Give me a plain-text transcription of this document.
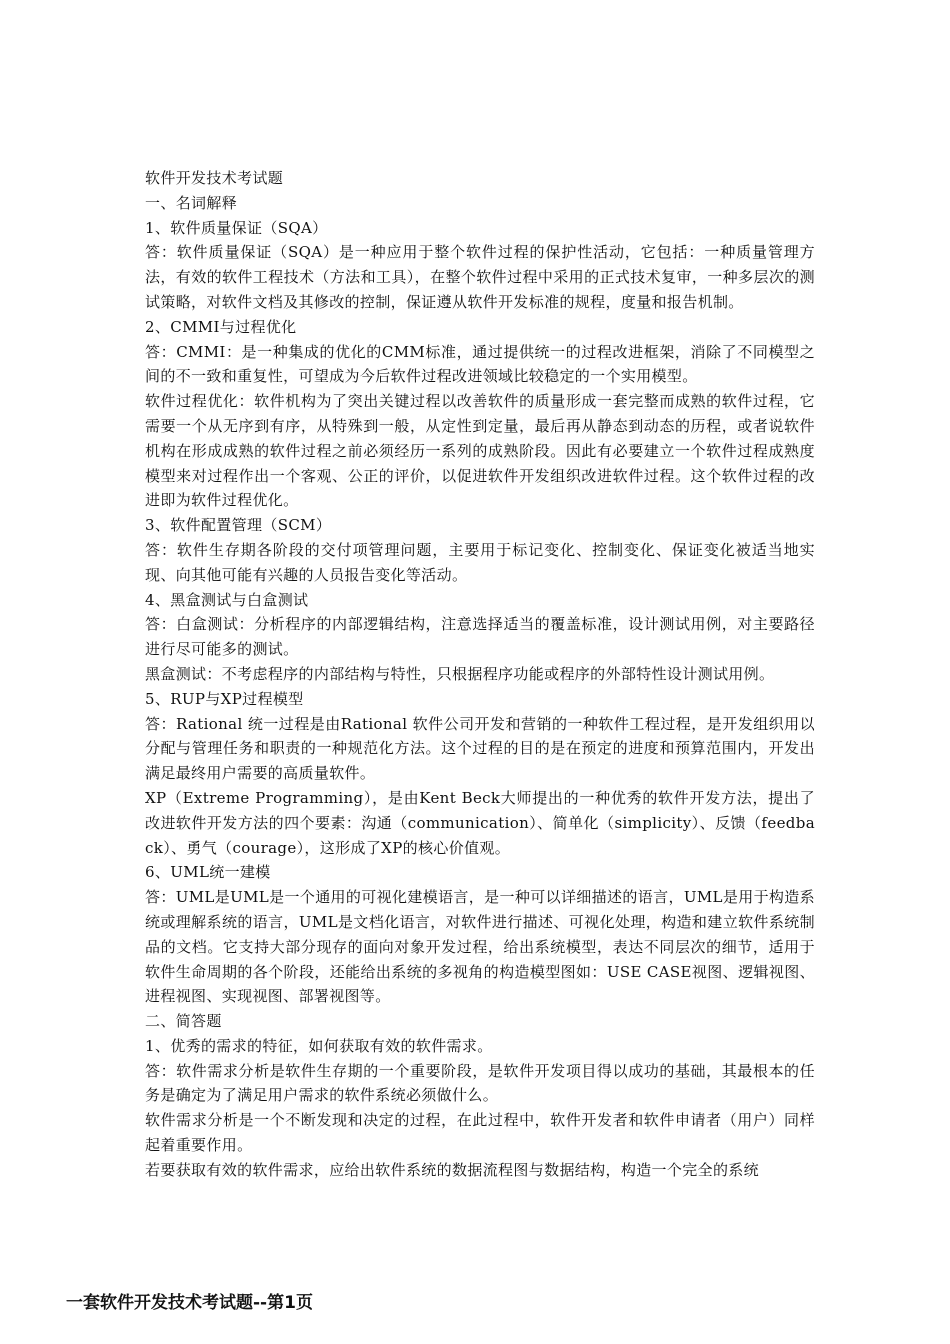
软件开发技术考试题

一、名词解释

1、软件质量保证（SQA）

答：软件质量保证（SQA）是一种应用于整个软件过程的保护性活动，它包括：一种质量管理方法，有效的软件工程技术（方法和工具），在整个软件过程中采用的正式技术复审，一种多层次的测试策略，对软件文档及其修改的控制，保证遵从软件开发标准的规程，度量和报告机制。

2、CMMI与过程优化

答：CMMI：是一种集成的优化的CMM标准，通过提供统一的过程改进框架，消除了不同模型之间的不一致和重复性，可望成为今后软件过程改进领域比较稳定的一个实用模型。

软件过程优化：软件机构为了突出关键过程以改善软件的质量形成一套完整而成熟的软件过程，它需要一个从无序到有序，从特殊到一般，从定性到定量，最后再从静态到动态的历程，或者说软件机构在形成成熟的软件过程之前必须经历一系列的成熟阶段。因此有必要建立一个软件过程成熟度模型来对过程作出一个客观、公正的评价，以促进软件开发组织改进软件过程。这个软件过程的改进即为软件过程优化。

3、软件配置管理（SCM）

答：软件生存期各阶段的交付项管理问题，主要用于标记变化、控制变化、保证变化被适当地实现、向其他可能有兴趣的人员报告变化等活动。

4、黑盒测试与白盒测试

答：白盒测试：分析程序的内部逻辑结构，注意选择适当的覆盖标准，设计测试用例，对主要路径进行尽可能多的测试。

黑盒测试：不考虑程序的内部结构与特性，只根据程序功能或程序的外部特性设计测试用例。

5、RUP与XP过程模型

答：Rational 统一过程是由Rational 软件公司开发和营销的一种软件工程过程，是开发组织用以分配与管理任务和职责的一种规范化方法。这个过程的目的是在预定的进度和预算范围内，开发出满足最终用户需要的高质量软件。

XP（Extreme Programming），是由Kent Beck大师提出的一种优秀的软件开发方法，提出了改进软件开发方法的四个要素：沟通（communication）、简单化（simplicity）、反馈（feedback）、勇气（courage），这形成了XP的核心价值观。

6、UML统一建模

答：UML是UML是一个通用的可视化建模语言，是一种可以详细描述的语言，UML是用于构造系统或理解系统的语言，UML是文档化语言，对软件进行描述、可视化处理，构造和建立软件系统制品的文档。它支持大部分现存的面向对象开发过程，给出系统模型，表达不同层次的细节，适用于软件生命周期的各个阶段，还能给出系统的多视角的构造模型图如：USE CASE视图、逻辑视图、进程视图、实现视图、部署视图等。

二、简答题

1、优秀的需求的特征，如何获取有效的软件需求。

答：软件需求分析是软件生存期的一个重要阶段，是软件开发项目得以成功的基础，其最根本的任务是确定为了满足用户需求的软件系统必须做什么。

软件需求分析是一个不断发现和决定的过程，在此过程中，软件开发者和软件申请者（用户）同样起着重要作用。

若要获取有效的软件需求，应给出软件系统的数据流程图与数据结构，构造一个完全的系统

一套软件开发技术考试题--第1页
